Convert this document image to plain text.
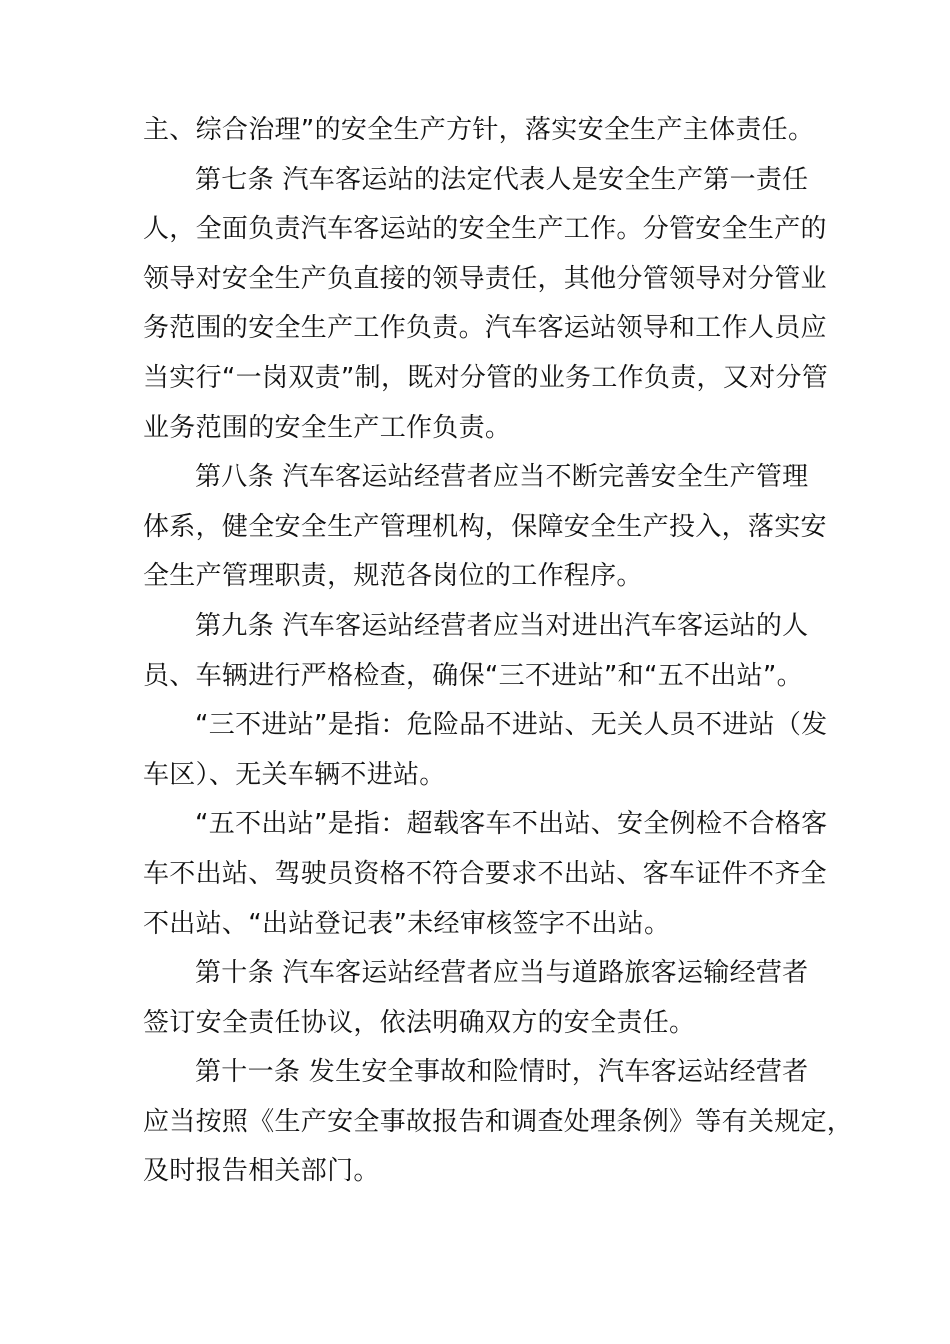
主、综合治理”的安全生产方针，落实安全生产主体责任。

第七条 汽车客运站的法定代表人是安全生产第一责任
人，全面负责汽车客运站的安全生产工作。分管安全生产的
领导对安全生产负直接的领导责任，其他分管领导对分管业
务范围的安全生产工作负责。汽车客运站领导和工作人员应
当实行“一岗双责”制，既对分管的业务工作负责，又对分管
业务范围的安全生产工作负责。

第八条 汽车客运站经营者应当不断完善安全生产管理
体系，健全安全生产管理机构，保障安全生产投入，落实安
全生产管理职责，规范各岗位的工作程序。

第九条 汽车客运站经营者应当对进出汽车客运站的人
员、车辆进行严格检查，确保“三不进站”和“五不出站”。

“三不进站”是指：危险品不进站、无关人员不进站（发
车区）、无关车辆不进站。

“五不出站”是指：超载客车不出站、安全例检不合格客
车不出站、驾驶员资格不符合要求不出站、客车证件不齐全
不出站、“出站登记表”未经审核签字不出站。

第十条 汽车客运站经营者应当与道路旅客运输经营者
签订安全责任协议，依法明确双方的安全责任。

第十一条 发生安全事故和险情时，汽车客运站经营者
应当按照《生产安全事故报告和调查处理条例》等有关规定，
及时报告相关部门。
